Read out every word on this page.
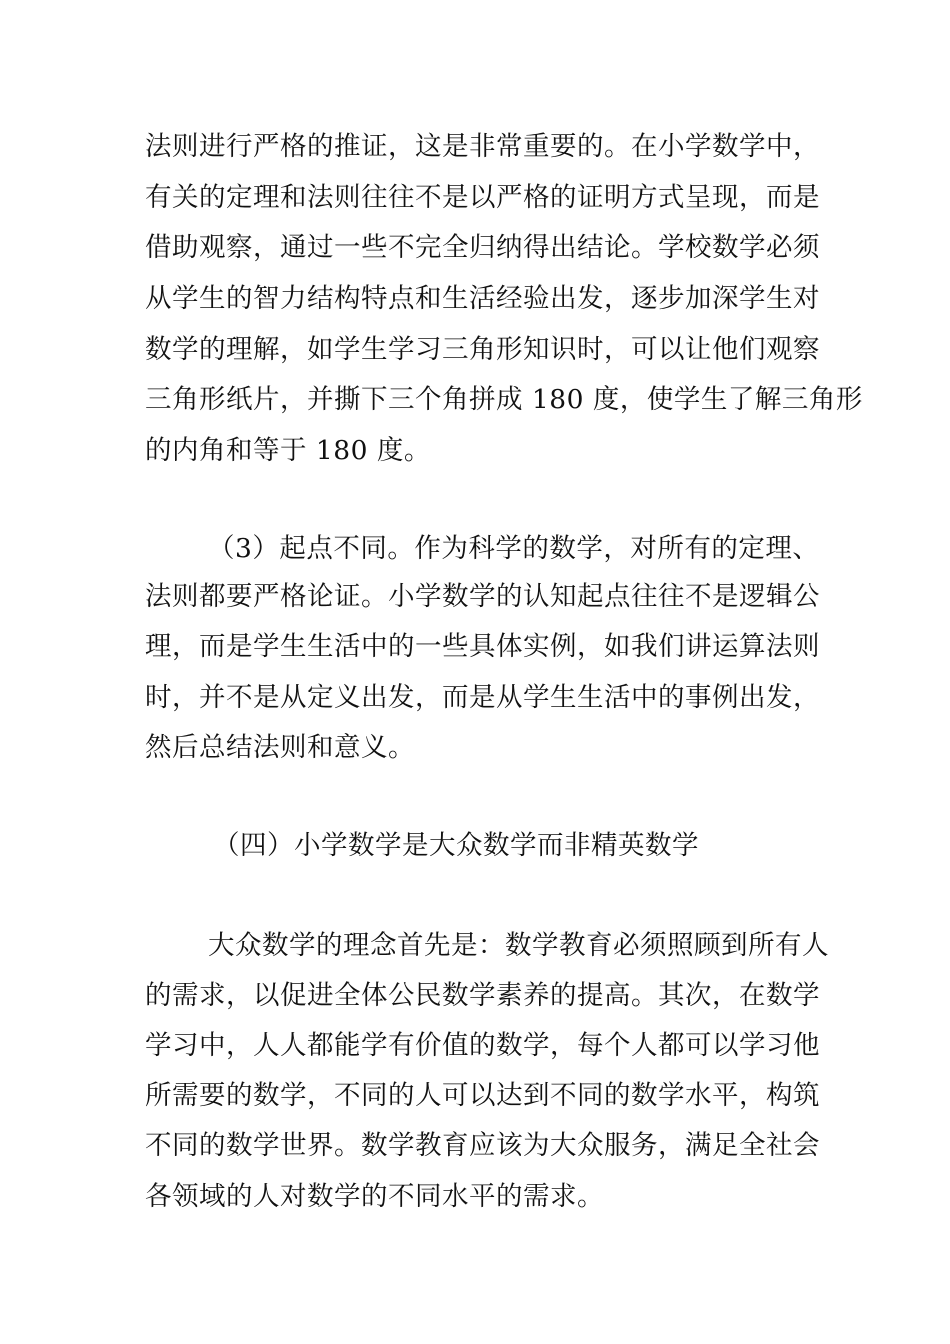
法则进行严格的推证，这是非常重要的。在小学数学中，
有关的定理和法则往往不是以严格的证明方式呈现，而是
借助观察，通过一些不完全归纳得出结论。学校数学必须
从学生的智力结构特点和生活经验出发，逐步加深学生对
数学的理解，如学生学习三角形知识时，可以让他们观察
三角形纸片，并撕下三个角拼成 180 度，使学生了解三角形
的内角和等于 180 度。
（3）起点不同。作为科学的数学，对所有的定理、
法则都要严格论证。小学数学的认知起点往往不是逻辑公
理，而是学生生活中的一些具体实例，如我们讲运算法则
时，并不是从定义出发，而是从学生生活中的事例出发，
然后总结法则和意义。
（四）小学数学是大众数学而非精英数学
大众数学的理念首先是：数学教育必须照顾到所有人
的需求，以促进全体公民数学素养的提高。其次，在数学
学习中，人人都能学有价值的数学，每个人都可以学习他
所需要的数学，不同的人可以达到不同的数学水平，构筑
不同的数学世界。数学教育应该为大众服务，满足全社会
各领域的人对数学的不同水平的需求。
